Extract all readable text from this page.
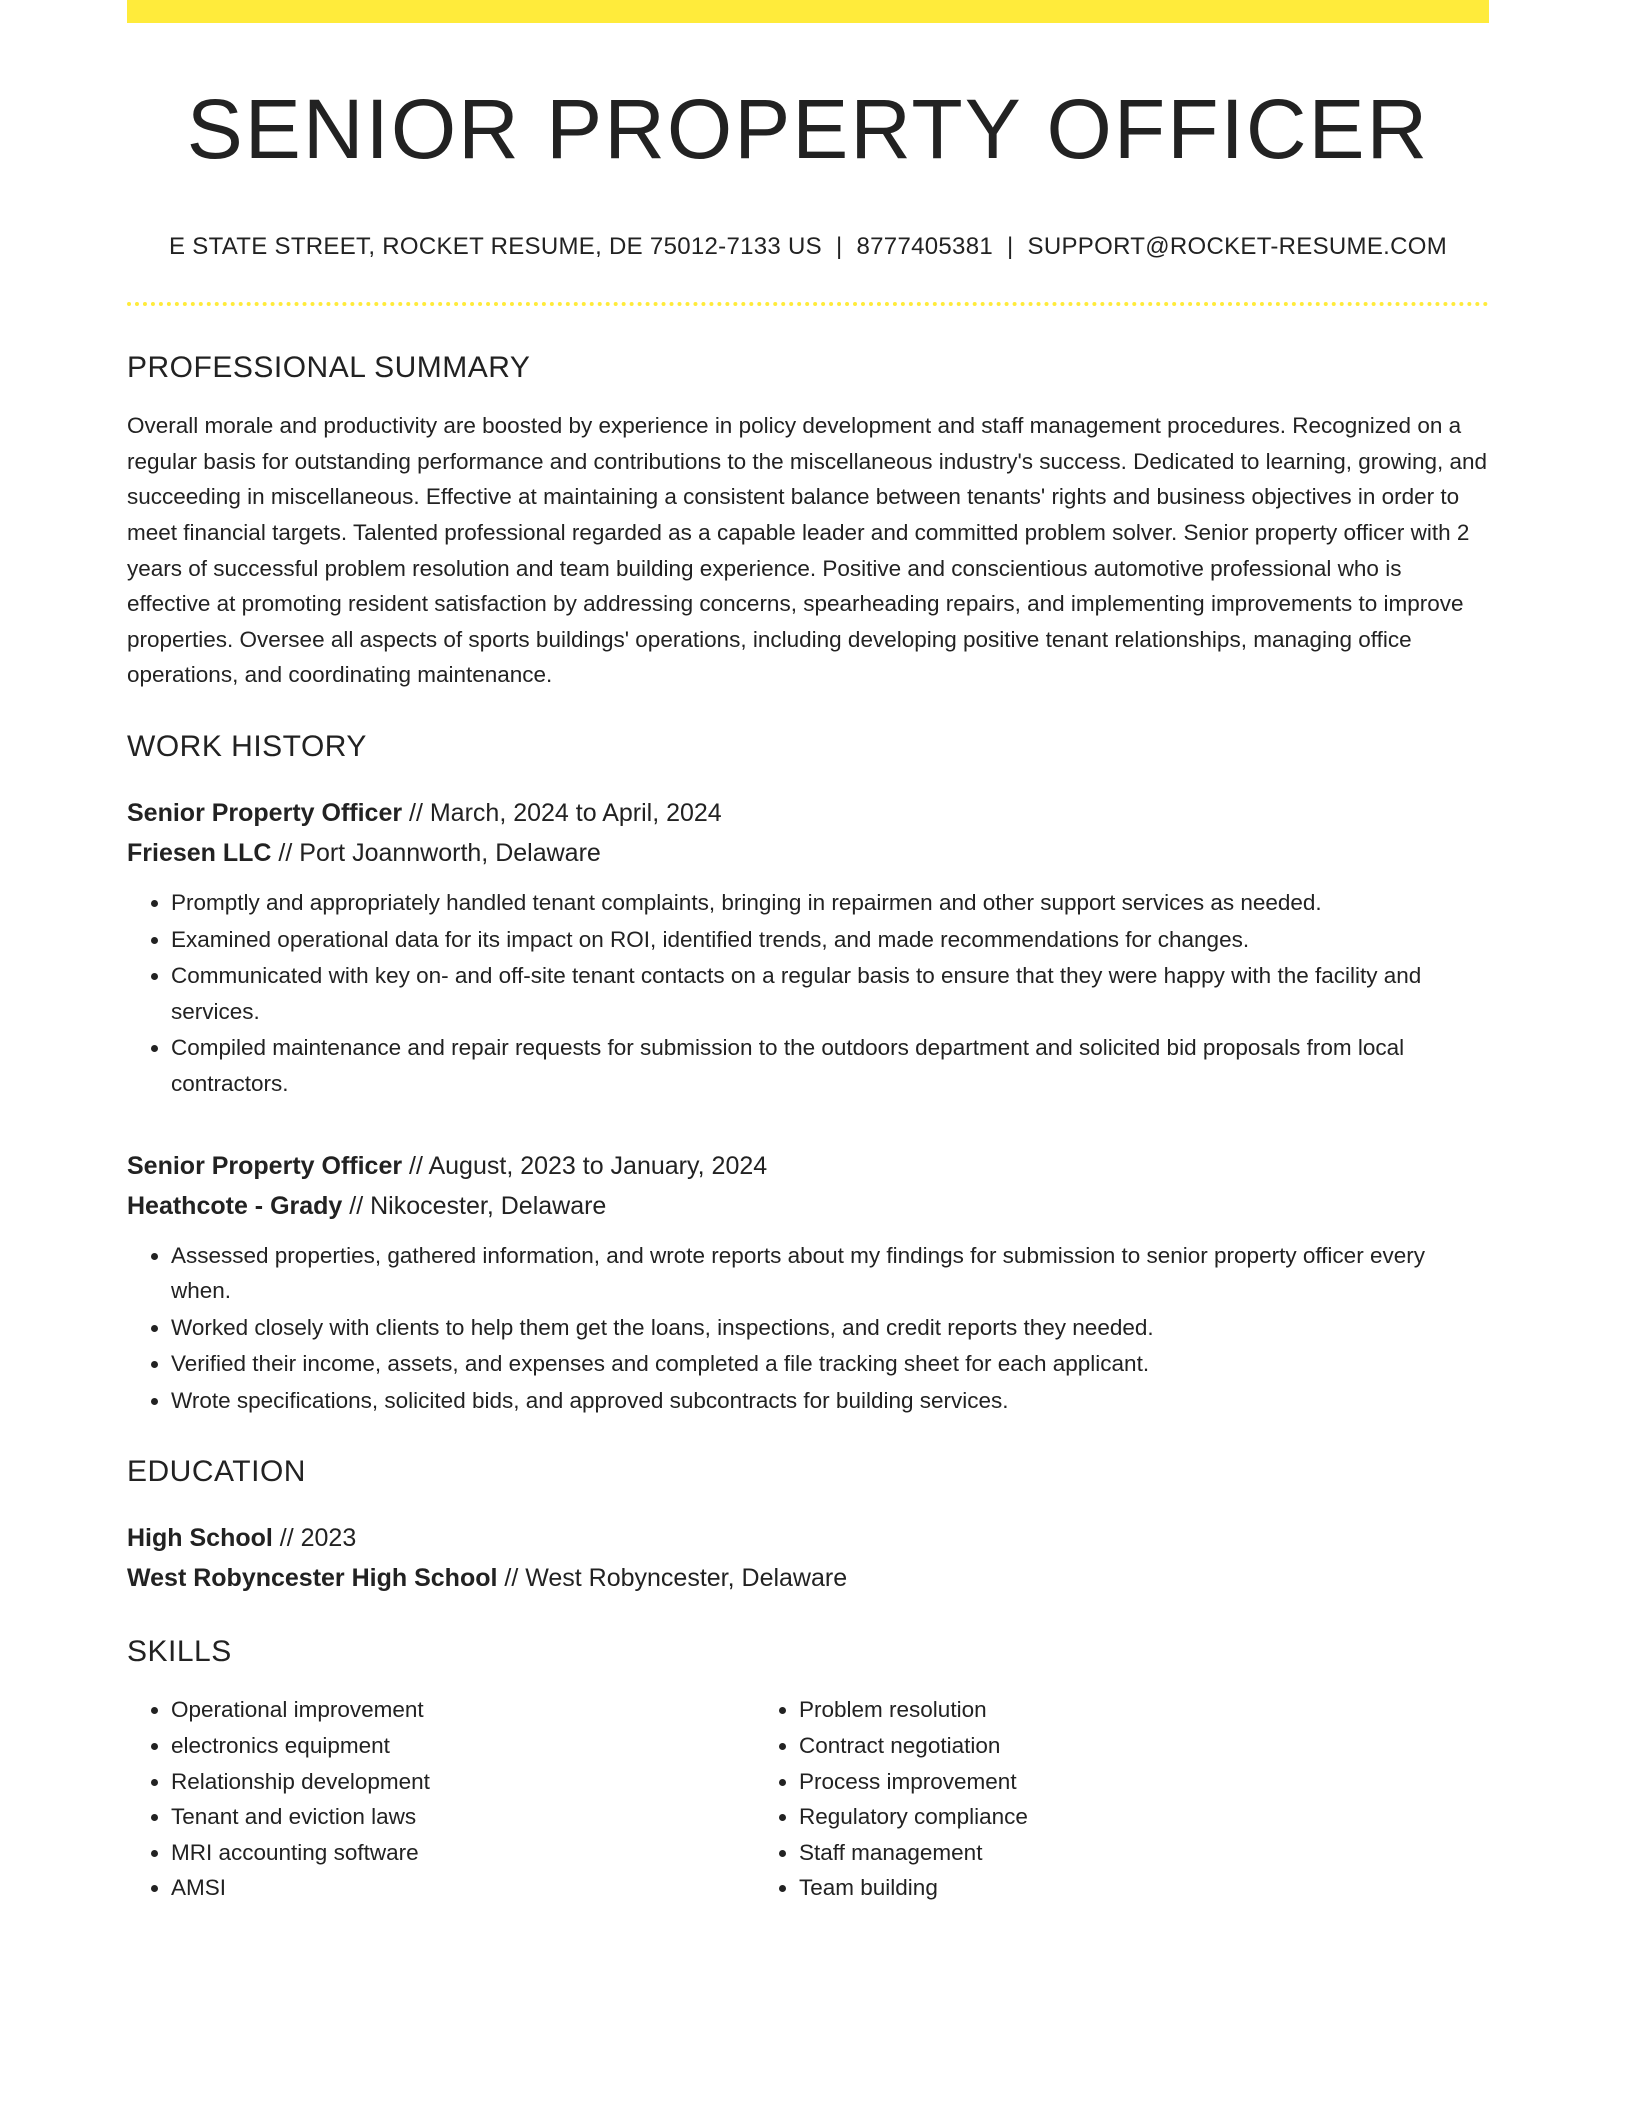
SENIOR PROPERTY OFFICER
E STATE STREET, ROCKET RESUME, DE 75012-7133 US | 8777405381 | SUPPORT@ROCKET-RESUME.COM
PROFESSIONAL SUMMARY
Overall morale and productivity are boosted by experience in policy development and staff management procedures. Recognized on a regular basis for outstanding performance and contributions to the miscellaneous industry's success. Dedicated to learning, growing, and succeeding in miscellaneous. Effective at maintaining a consistent balance between tenants' rights and business objectives in order to meet financial targets. Talented professional regarded as a capable leader and committed problem solver. Senior property officer with 2 years of successful problem resolution and team building experience. Positive and conscientious automotive professional who is effective at promoting resident satisfaction by addressing concerns, spearheading repairs, and implementing improvements to improve properties. Oversee all aspects of sports buildings' operations, including developing positive tenant relationships, managing office operations, and coordinating maintenance.
WORK HISTORY
Senior Property Officer // March, 2024 to April, 2024
Friesen LLC // Port Joannworth, Delaware
• Promptly and appropriately handled tenant complaints, bringing in repairmen and other support services as needed.
• Examined operational data for its impact on ROI, identified trends, and made recommendations for changes.
• Communicated with key on- and off-site tenant contacts on a regular basis to ensure that they were happy with the facility and services.
• Compiled maintenance and repair requests for submission to the outdoors department and solicited bid proposals from local contractors.
Senior Property Officer // August, 2023 to January, 2024
Heathcote - Grady // Nikocester, Delaware
• Assessed properties, gathered information, and wrote reports about my findings for submission to senior property officer every when.
• Worked closely with clients to help them get the loans, inspections, and credit reports they needed.
• Verified their income, assets, and expenses and completed a file tracking sheet for each applicant.
• Wrote specifications, solicited bids, and approved subcontracts for building services.
EDUCATION
High School // 2023
West Robyncester High School // West Robyncester, Delaware
SKILLS
• Operational improvement
• electronics equipment
• Relationship development
• Tenant and eviction laws
• MRI accounting software
• AMSI
• Problem resolution
• Contract negotiation
• Process improvement
• Regulatory compliance
• Staff management
• Team building
